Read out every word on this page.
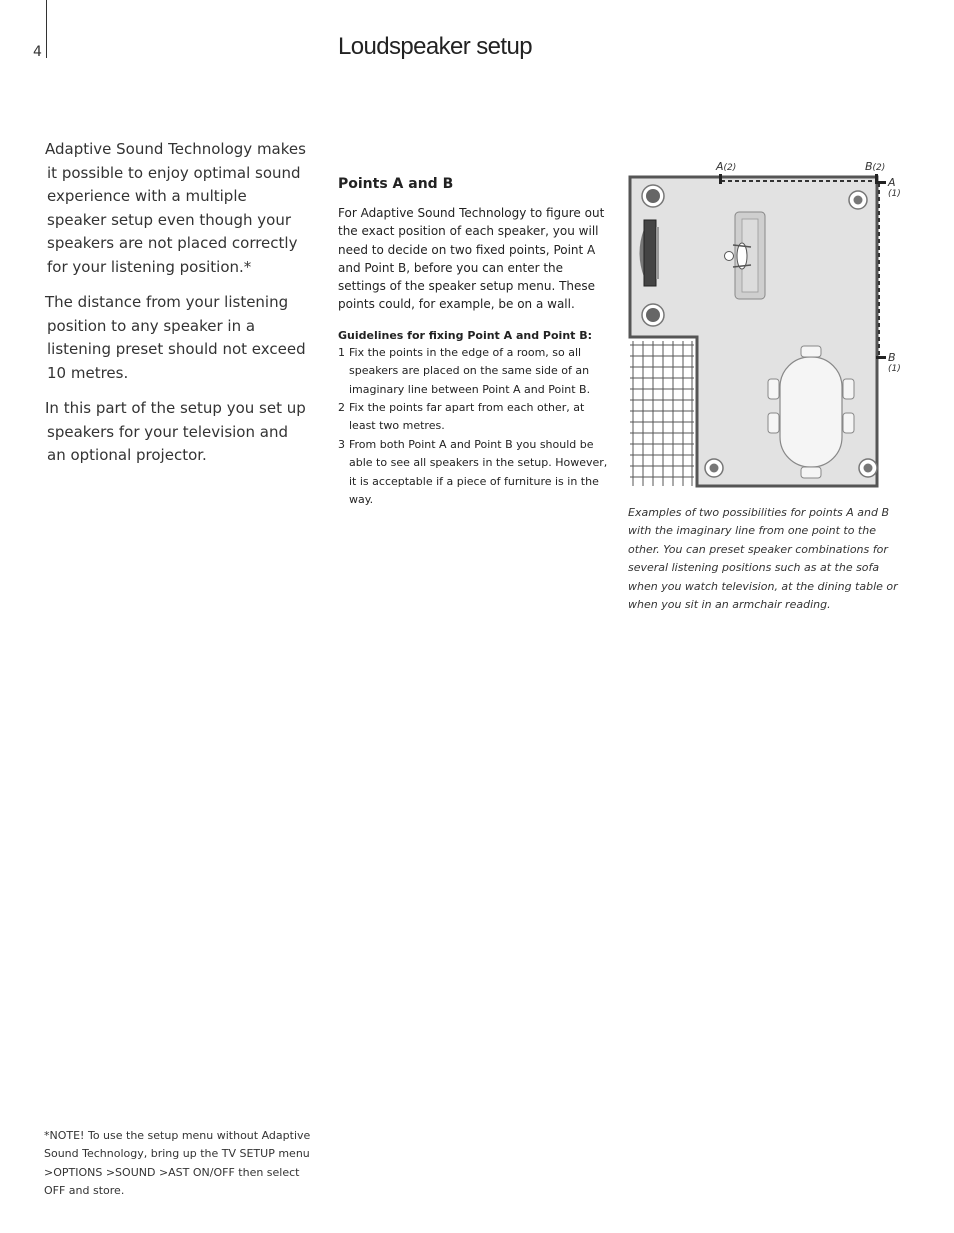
4	Loudspeaker setup

Adaptive Sound Technology makes it possible to enjoy optimal sound experience with a multiple speaker setup even though your speakers are not placed correctly for your listening position.*

The distance from your listening position to any speaker in a listening preset should not exceed 10 metres.

In this part of the setup you set up speakers for your television and an optional projector.

Points A and B

For Adaptive Sound Technology to figure out the exact position of each speaker, you will need to decide on two fixed points, Point A and Point B, before you can enter the settings of the speaker setup menu. These points could, for example, be on a wall.

Guidelines for fixing Point A and Point B:
1 Fix the points in the edge of a room, so all speakers are placed on the same side of an imaginary line between Point A and Point B.
2 Fix the points far apart from each other, at least two metres.
3 From both Point A and Point B you should be able to see all speakers in the setup. However, it is acceptable if a piece of furniture is in the way.
A(2)	B(2)
A
(1)
B
(1)

Examples of two possibilities for points A and B with the imaginary line from one point to the other. You can preset speaker combinations for several listening positions such as at the sofa when you watch television, at the dining table or when you sit in an armchair reading.

*NOTE! To use the setup menu without Adaptive Sound Technology, bring up the TV SETUP menu >OPTIONS >SOUND >AST ON/OFF then select OFF and store.
